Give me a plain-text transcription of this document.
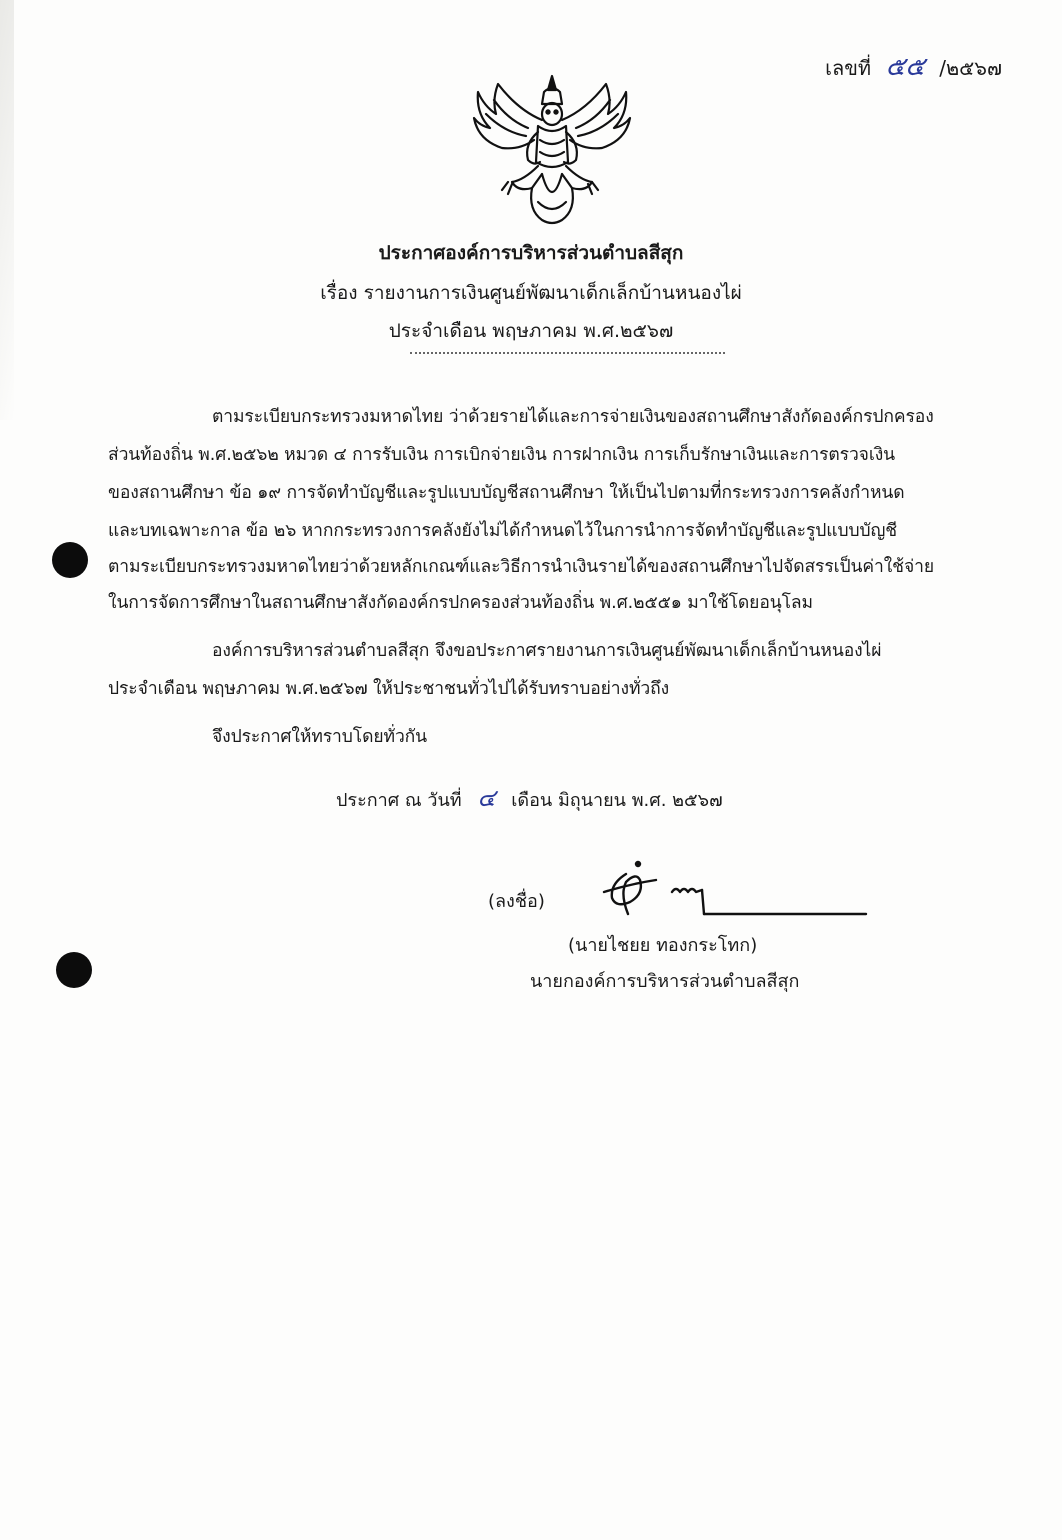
เลขที่ ๕๕ /๒๕๖๗
ประกาศองค์การบริหารส่วนตำบลสีสุก
เรื่อง รายงานการเงินศูนย์พัฒนาเด็กเล็กบ้านหนองไผ่
ประจำเดือน พฤษภาคม พ.ศ.๒๕๖๗
ตามระเบียบกระทรวงมหาดไทย ว่าด้วยรายได้และการจ่ายเงินของสถานศึกษาสังกัดองค์กรปกครอง
ส่วนท้องถิ่น พ.ศ.๒๕๖๒ หมวด ๔ การรับเงิน การเบิกจ่ายเงิน การฝากเงิน การเก็บรักษาเงินและการตรวจเงิน
ของสถานศึกษา ข้อ ๑๙ การจัดทำบัญชีและรูปแบบบัญชีสถานศึกษา ให้เป็นไปตามที่กระทรวงการคลังกำหนด
และบทเฉพาะกาล ข้อ ๒๖ หากกระทรวงการคลังยังไม่ได้กำหนดไว้ในการนำการจัดทำบัญชีและรูปแบบบัญชี
ตามระเบียบกระทรวงมหาดไทยว่าด้วยหลักเกณฑ์และวิธีการนำเงินรายได้ของสถานศึกษาไปจัดสรรเป็นค่าใช้จ่าย
ในการจัดการศึกษาในสถานศึกษาสังกัดองค์กรปกครองส่วนท้องถิ่น พ.ศ.๒๕๕๑ มาใช้โดยอนุโลม
องค์การบริหารส่วนตำบลสีสุก จึงขอประกาศรายงานการเงินศูนย์พัฒนาเด็กเล็กบ้านหนองไผ่
ประจำเดือน พฤษภาคม พ.ศ.๒๕๖๗ ให้ประชาชนทั่วไปได้รับทราบอย่างทั่วถึง
จึงประกาศให้ทราบโดยทั่วกัน
ประกาศ ณ วันที่ ๔ เดือน มิถุนายน พ.ศ. ๒๕๖๗
(ลงชื่อ)
(นายไชยย ทองกระโทก)
นายกองค์การบริหารส่วนตำบลสีสุก
